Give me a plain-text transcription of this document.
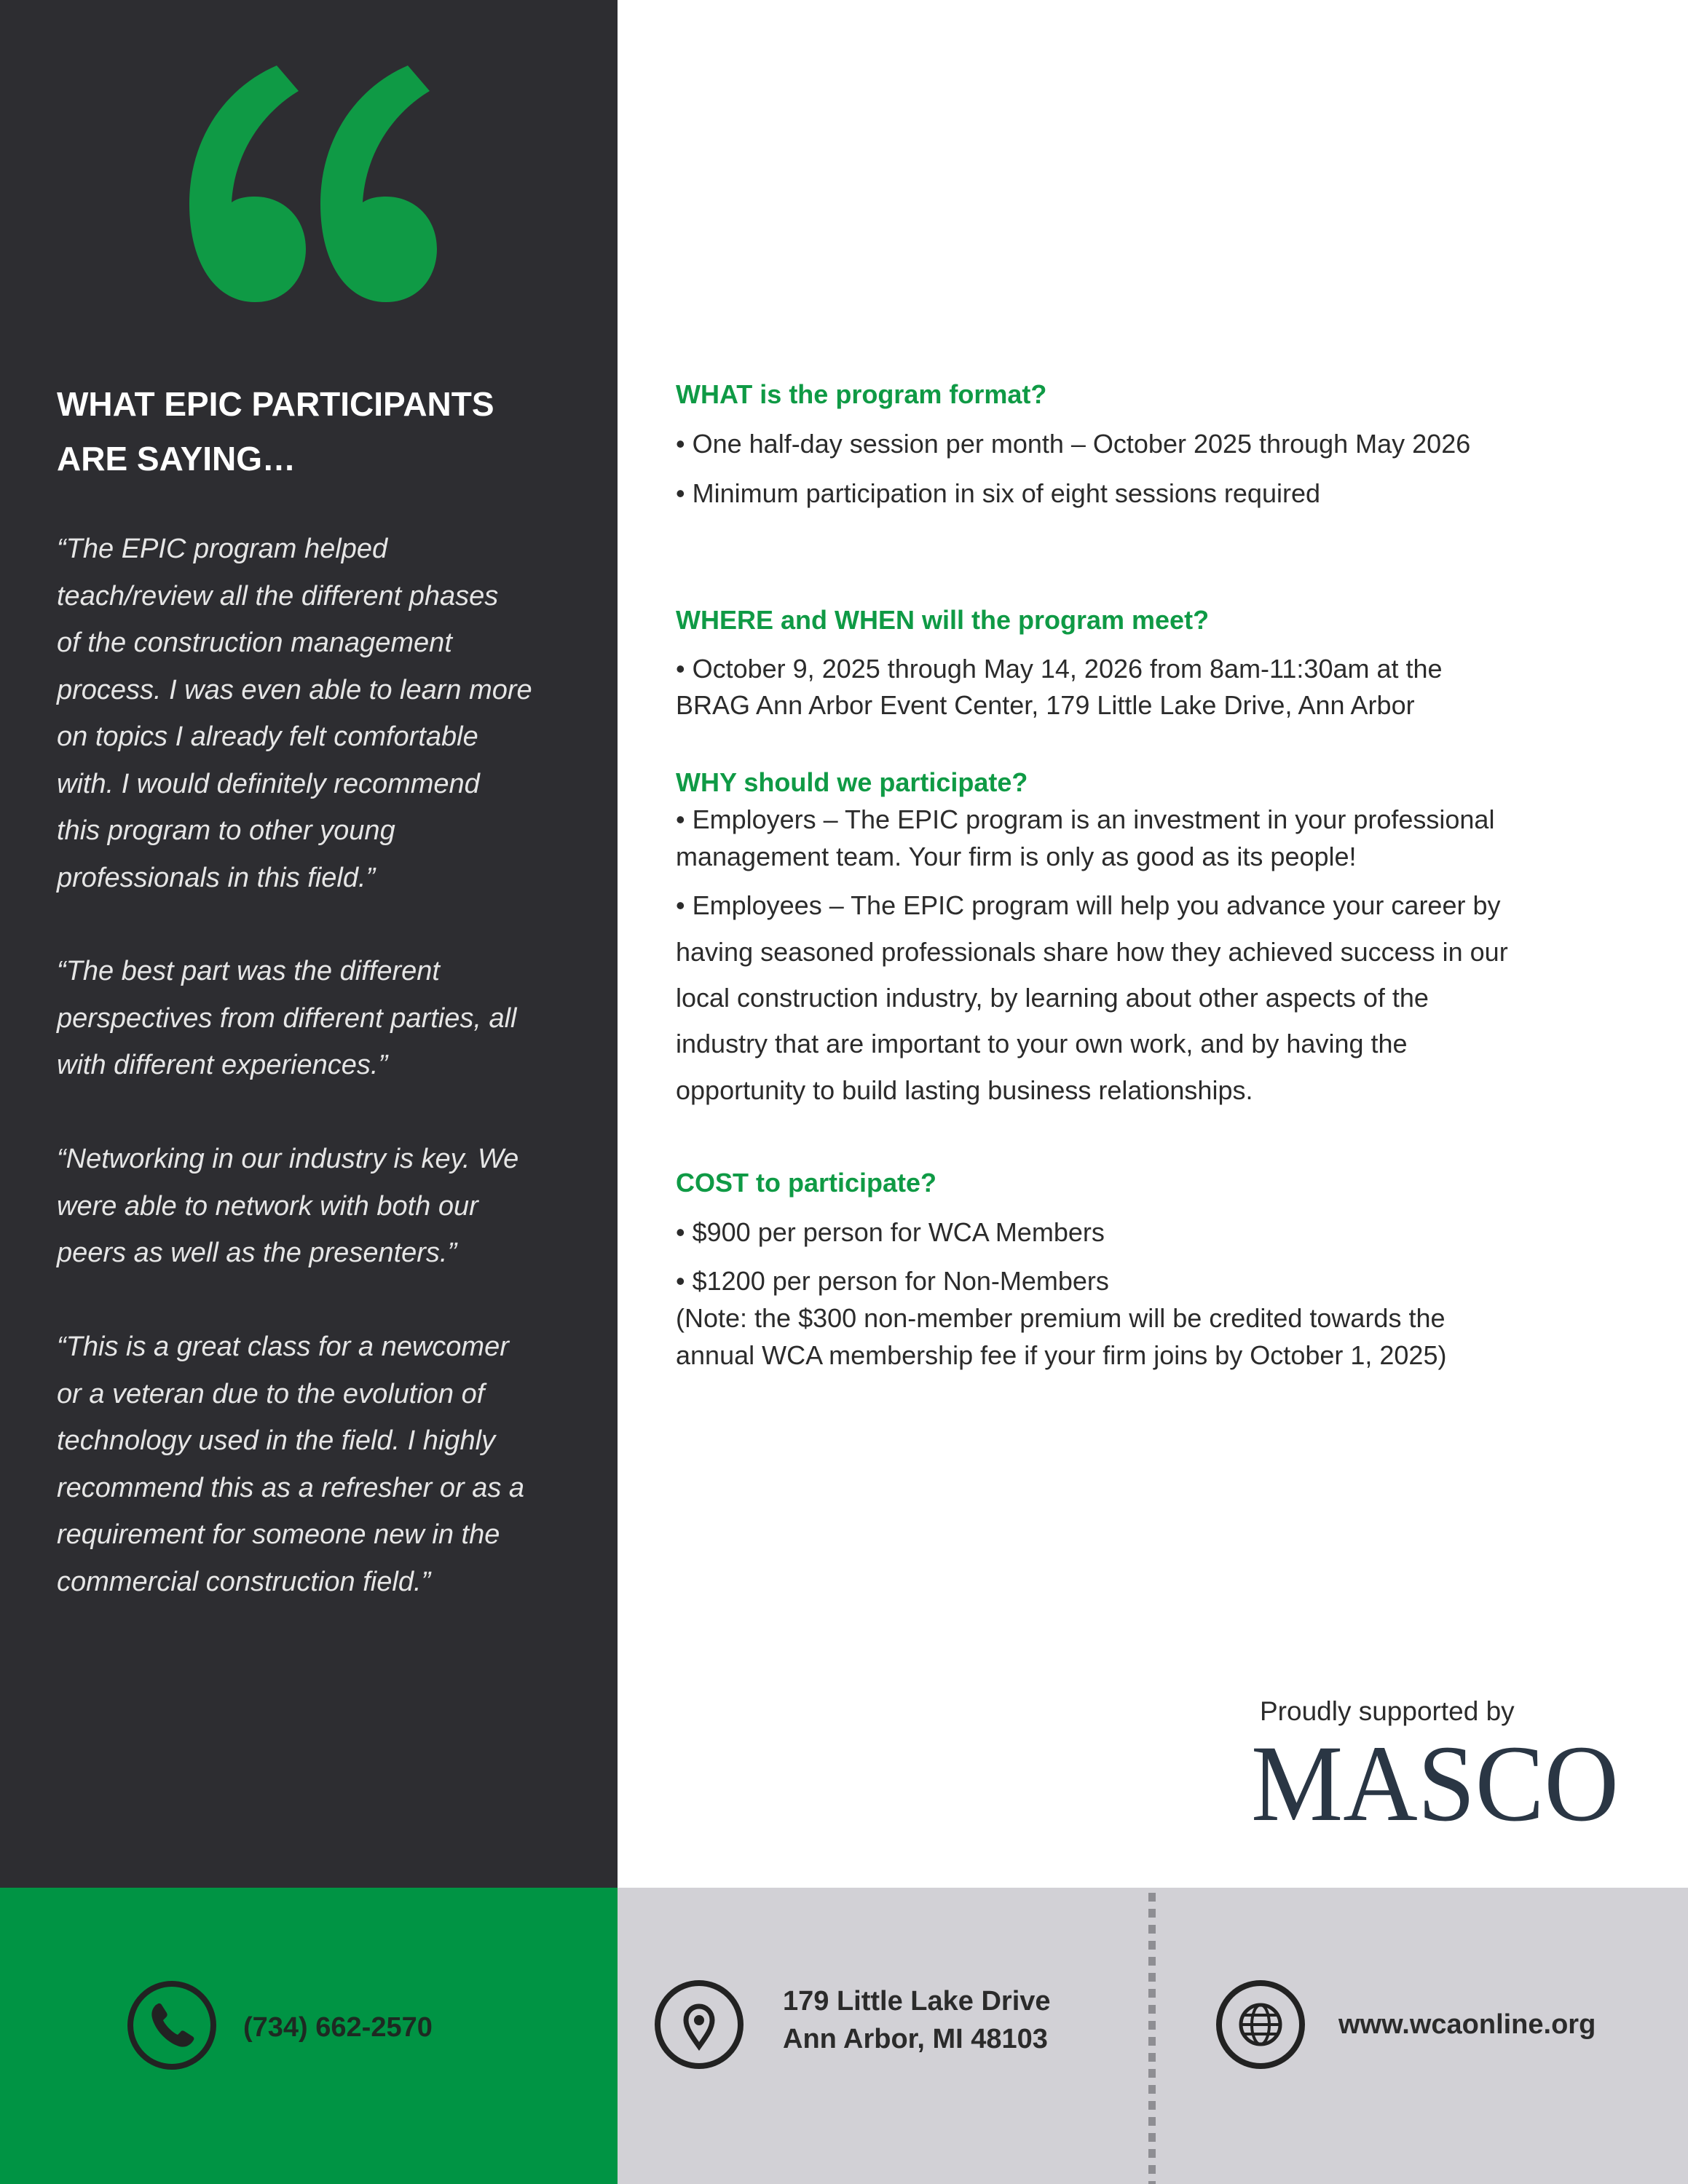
WHAT EPIC PARTICIPANTS
ARE SAYING…
“The EPIC program helped
teach/review all the different phases
of the construction management
process. I was even able to learn more
on topics I already felt comfortable
with. I would definitely recommend
this program to other young
professionals in this field.”
“The best part was the different
perspectives from different parties, all
with different experiences.”
“Networking in our industry is key. We
were able to network with both our
peers as well as the presenters.”
“This is a great class for a newcomer
or a veteran due to the evolution of
technology used in the field. I highly
recommend this as a refresher or as a
requirement for someone new in the
commercial construction field.”
WHAT is the program format?
• One half-day session per month – October 2025 through May 2026
• Minimum participation in six of eight sessions required
WHERE and WHEN will the program meet?
• October 9, 2025 through May 14, 2026 from 8am-11:30am at the
BRAG Ann Arbor Event Center, 179 Little Lake Drive, Ann Arbor
WHY should we participate?
• Employers – The EPIC program is an investment in your professional
management team. Your firm is only as good as its people!
• Employees – The EPIC program will help you advance your career by
having seasoned professionals share how they achieved success in our
local construction industry, by learning about other aspects of the
industry that are important to your own work, and by having the
opportunity to build lasting business relationships.
COST to participate?
• $900 per person for WCA Members
• $1200 per person for Non-Members
(Note: the $300 non-member premium will be credited towards the
annual WCA membership fee if your firm joins by October 1, 2025)
Proudly supported by
MASCO
(734) 662-2570
179 Little Lake Drive
Ann Arbor, MI 48103	www.wcaonline.org
